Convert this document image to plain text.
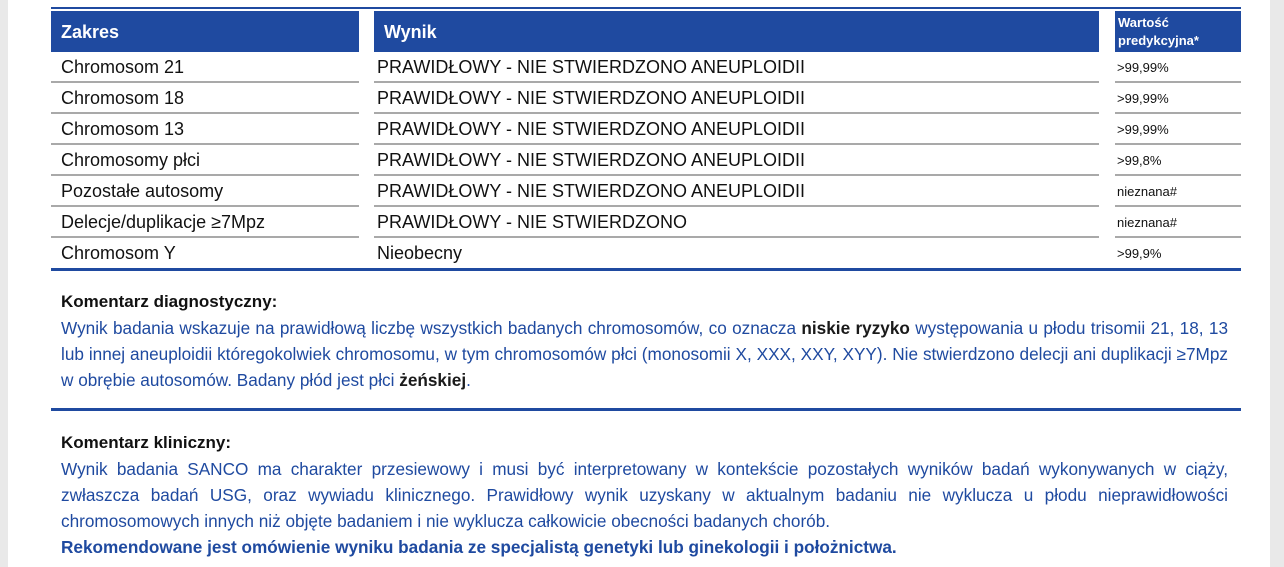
Zakres	Wynik	Wartość predykcyjna*
Chromosom 21	PRAWIDŁOWY - NIE STWIERDZONO ANEUPLOIDII	>99,99%
Chromosom 18	PRAWIDŁOWY - NIE STWIERDZONO ANEUPLOIDII	>99,99%
Chromosom 13	PRAWIDŁOWY - NIE STWIERDZONO ANEUPLOIDII	>99,99%
Chromosomy płci	PRAWIDŁOWY - NIE STWIERDZONO ANEUPLOIDII	>99,8%
Pozostałe autosomy	PRAWIDŁOWY - NIE STWIERDZONO ANEUPLOIDII	nieznana#
Delecje/duplikacje ≥7Mpz	PRAWIDŁOWY - NIE STWIERDZONO	nieznana#
Chromosom Y	Nieobecny	>99,9%
Komentarz diagnostyczny:
Wynik badania wskazuje na prawidłową liczbę wszystkich badanych chromosomów, co oznacza niskie ryzyko występowania u płodu trisomii 21, 18, 13 lub innej aneuploidii któregokolwiek chromosomu, w tym chromosomów płci (monosomii X, XXX, XXY, XYY). Nie stwierdzono delecji ani duplikacji ≥7Mpz w obrębie autosomów. Badany płód jest płci żeńskiej.
Komentarz kliniczny:
Wynik badania SANCO ma charakter przesiewowy i musi być interpretowany w kontekście pozostałych wyników badań wykonywanych w ciąży, zwłaszcza badań USG, oraz wywiadu klinicznego. Prawidłowy wynik uzyskany w aktualnym badaniu nie wyklucza u płodu nieprawidłowości chromosomowych innych niż objęte badaniem i nie wyklucza całkowicie obecności badanych chorób.
Rekomendowane jest omówienie wyniku badania ze specjalistą genetyki lub ginekologii i położnictwa.
